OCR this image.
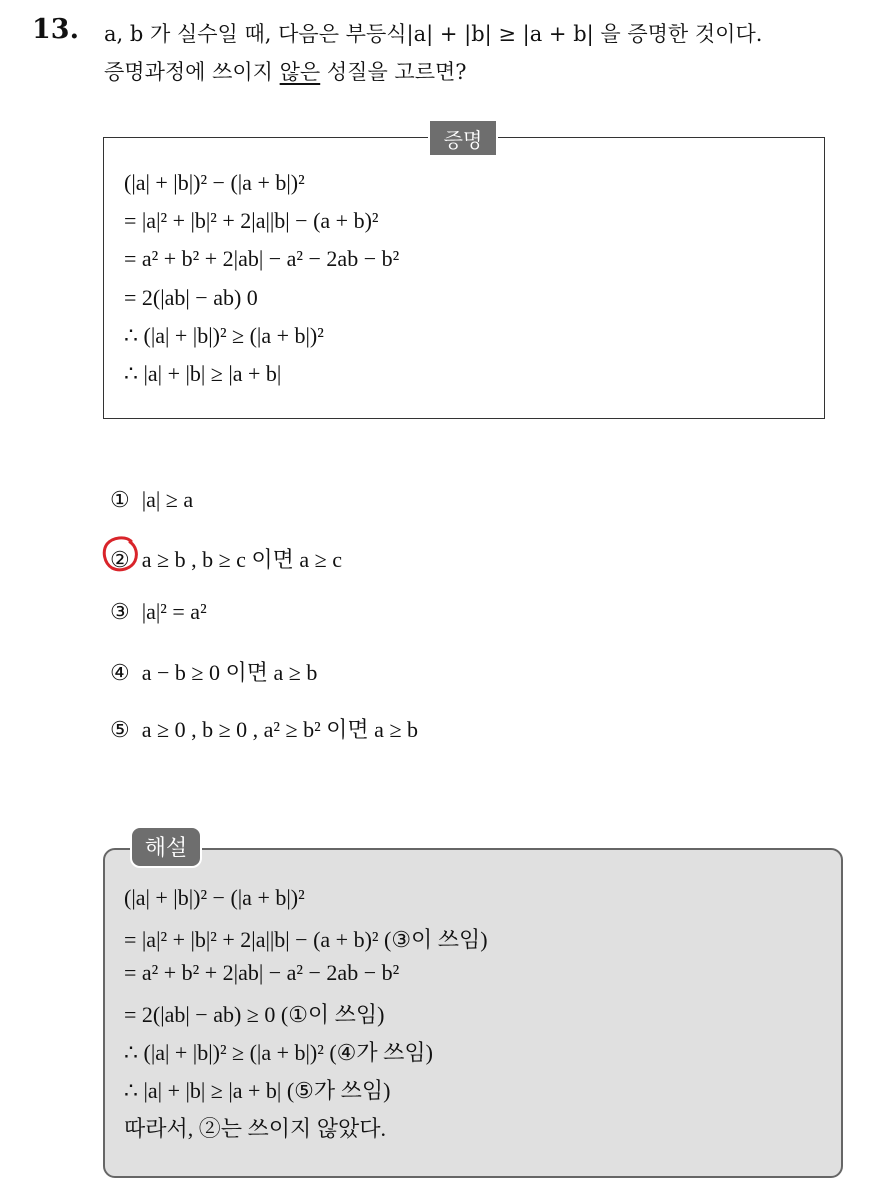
13. a, b 가 실수일 때, 다음은 부등식|a| + |b| ≥ |a + b| 을 증명한 것이다.
증명과정에 쓰이지 않은 성질을 고르면?
증명
(|a| + |b|)² − (|a + b|)²
= |a|² + |b|² + 2|a||b| − (a + b)²
= a² + b² + 2|ab| − a² − 2ab − b²
= 2(|ab| − ab) 0
∴ (|a| + |b|)² ≥ (|a + b|)²
∴ |a| + |b| ≥ |a + b|
① |a| ≥ a
② a ≥ b , b ≥ c 이면 a ≥ c
③ |a|² = a²
④ a − b ≥ 0 이면 a ≥ b
⑤ a ≥ 0 , b ≥ 0 , a² ≥ b² 이면 a ≥ b
해설
(|a| + |b|)² − (|a + b|)²
= |a|² + |b|² + 2|a||b| − (a + b)² (③이 쓰임)
= a² + b² + 2|ab| − a² − 2ab − b²
= 2(|ab| − ab) ≥ 0 (①이 쓰임)
∴ (|a| + |b|)² ≥ (|a + b|)² (④가 쓰임)
∴ |a| + |b| ≥ |a + b| (⑤가 쓰임)
따라서, ②는 쓰이지 않았다.
